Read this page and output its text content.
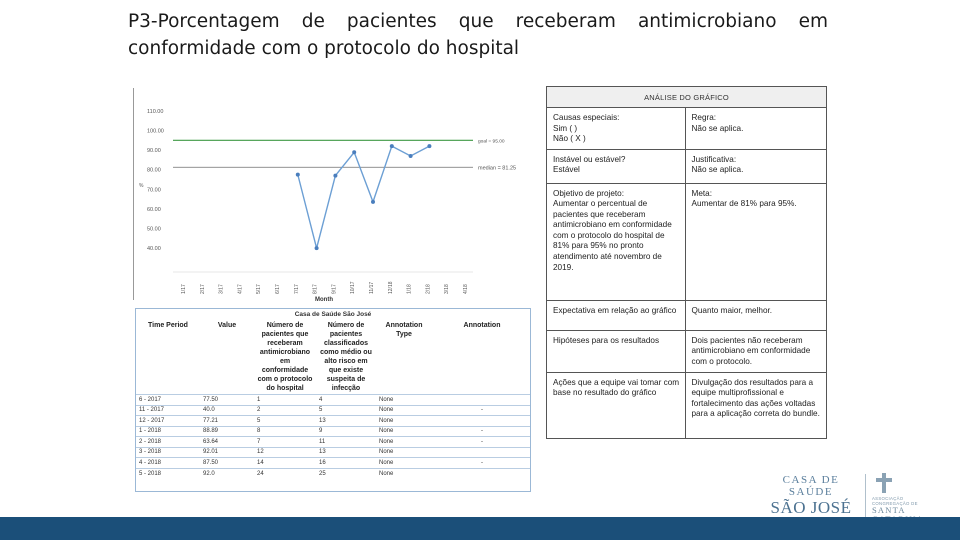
P3-Porcentagem de pacientes que receberam antimicrobiano em
conformidade com o protocolo do hospital
110.00
100.00
90.00
80.00
70.00
60.00
50.00
40.00
%
goal = 95.00
median = 81.25
1/17	2/17	3/17	4/17	5/17	6/17	7/17	8/17	9/17	10/17	11/17	12/18	1/18	2/18	3/18	4/18
Month
Casa de Saúde São José
Time Period	Value	Número de pacientes que receberam antimicrobiano em conformidade com o protocolo do hospital	Número de pacientes classificados como médio ou alto risco em que existe suspeita de infecção	Annotation Type	Annotation
6 - 2017	77.50	1	4	None	
11 - 2017	40.0	2	5	None	-
12 - 2017	77.21	5	13	None	
1 - 2018	88.89	8	9	None	-
2 - 2018	63.64	7	11	None	-
3 - 2018	92.01	12	13	None	
4 - 2018	87.50	14	16	None	-
5 - 2018	92.0	24	25	None	
ANÁLISE DO GRÁFICO
Causas especiais:
Sim ( )
Não ( X )	Regra:
Não se aplica.
Instável ou estável?
Estável	Justificativa:
Não se aplica.
Objetivo de projeto:
Aumentar o percentual de pacientes que receberam antimicrobiano em conformidade com o protocolo do hospital de 81% para 95% no pronto atendimento até novembro de 2019.	Meta:
Aumentar de 81% para 95%.
Expectativa em relação ao gráfico	Quanto maior, melhor.
Hipóteses para os resultados	Dois pacientes não receberam antimicrobiano em conformidade com o protocolo.
Ações que a equipe vai tomar com base no resultado do gráfico	Divulgação dos resultados para a equipe multiprofissional e fortalecimento das ações voltadas para a aplicação correta do bundle.
CASA DE SAÚDE
SÃO JOSÉ	ASSOCIAÇÃO CONGREGAÇÃO DE
SANTA
